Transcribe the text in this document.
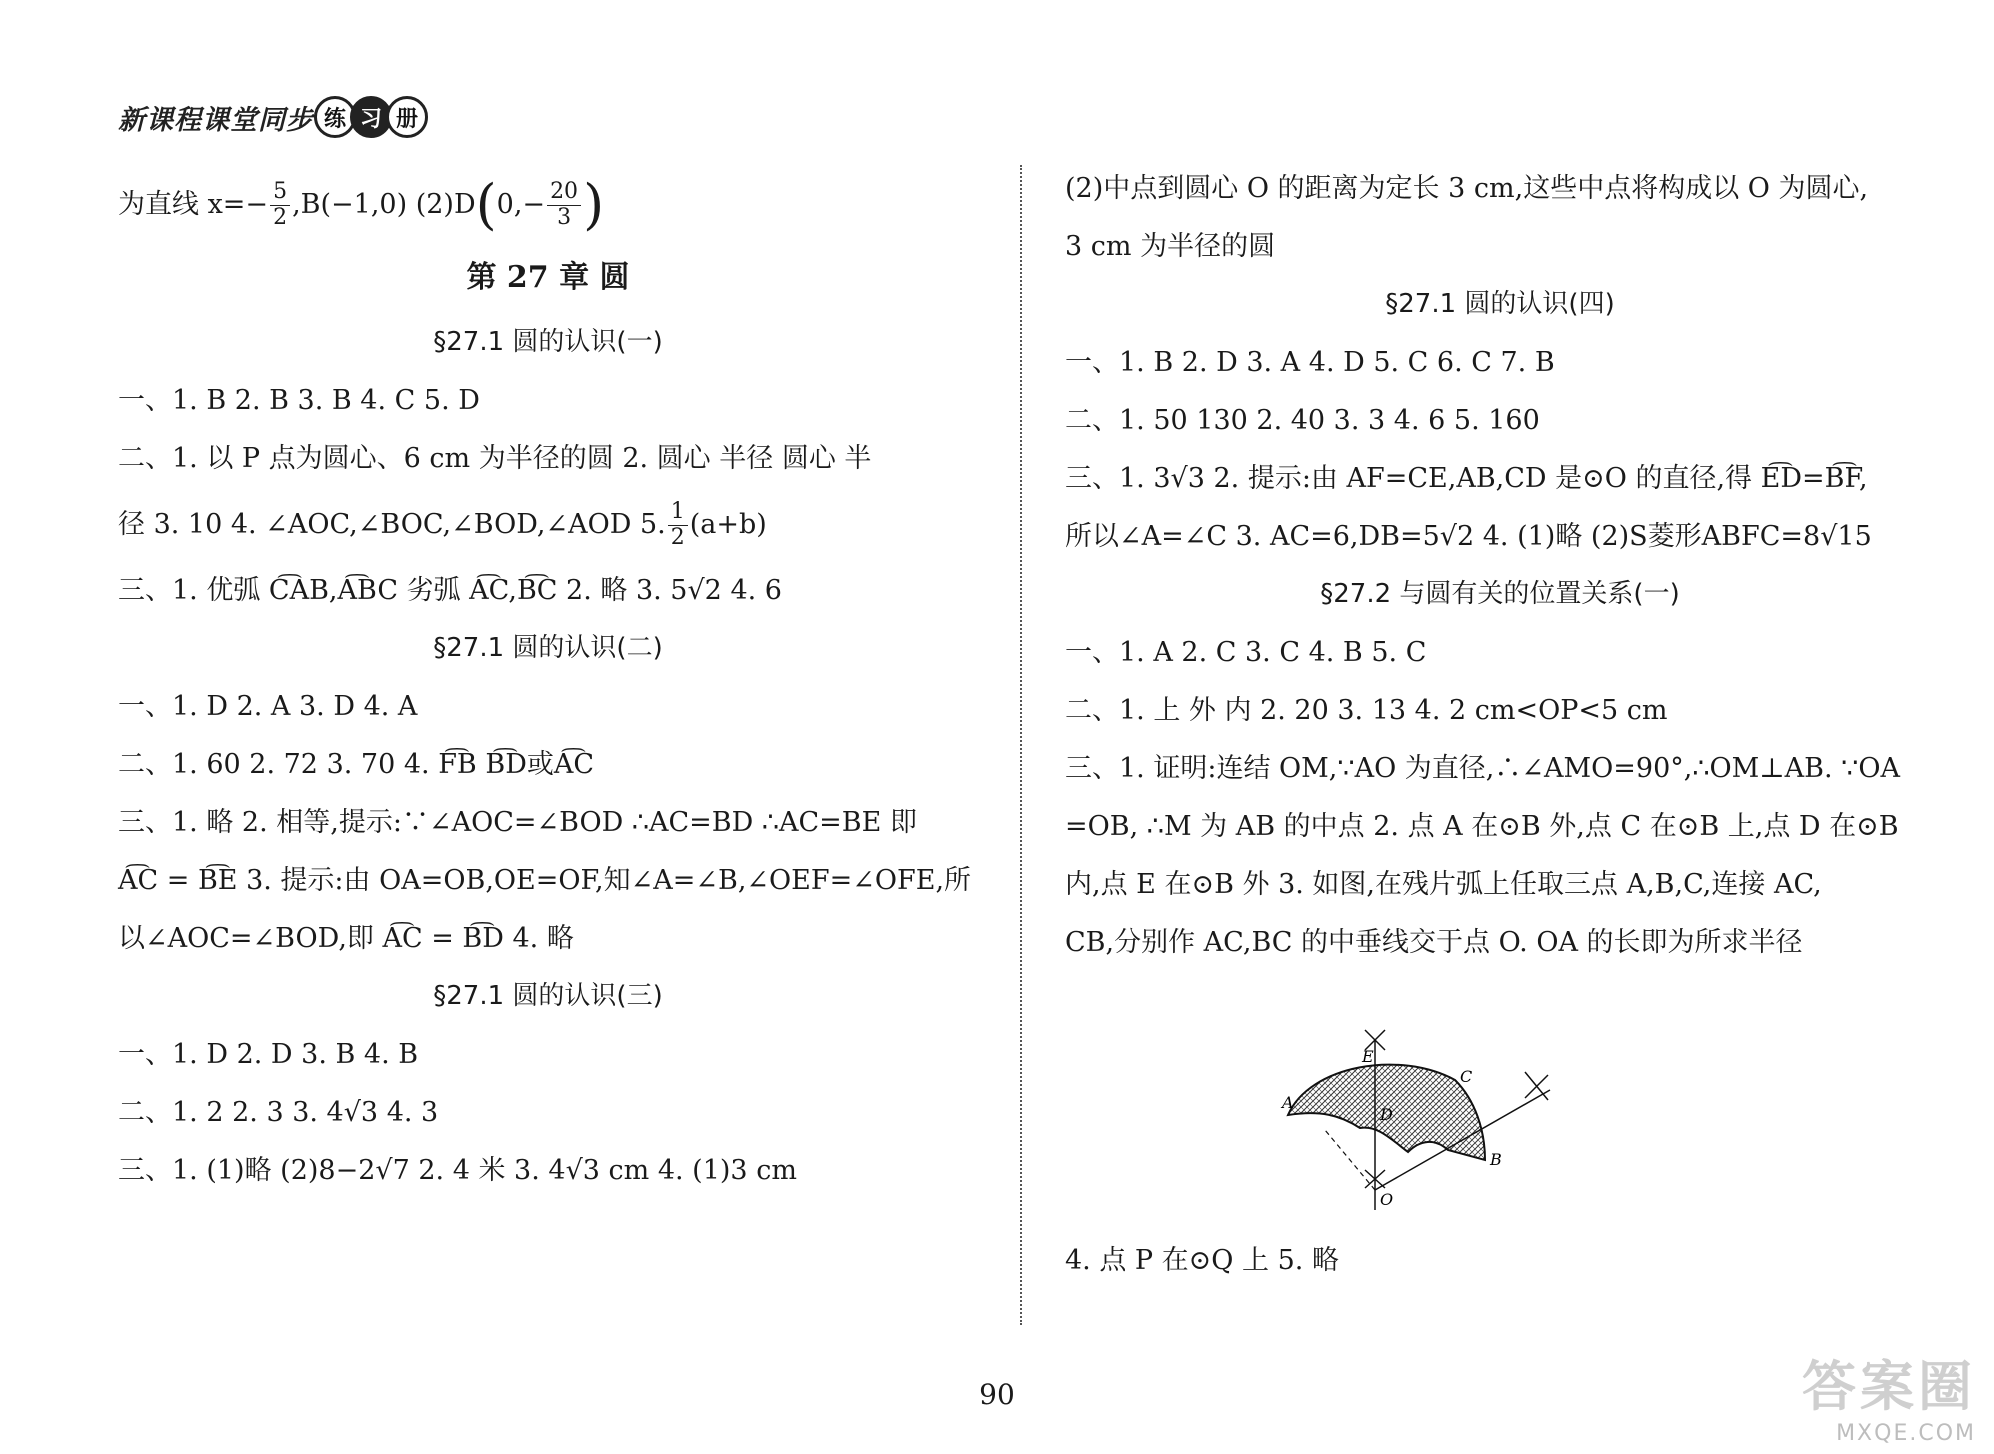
新课程课堂同步 练 习 册
为直线 $x=- \frac{5}{2} ,B(-1,0)$ (2)D ( $0,- \frac{20}{3}$ )
第 27 章 圆
§27.1 圆的认识(一)
一、1. B 2. B 3. B 4. C 5. D
二、1. 以 P 点为圆心、6 cm 为半径的圆 2. 圆心 半径 圆心 半
径 3. 10 4. ∠AOC,∠BOC,∠BOD,∠AOD 5. $\frac{1}{2} (a+b)$
三、1. 优弧 C͡AB,A͡BC 劣弧 A͡C,B͡C 2. 略 3. 5√2 4. 6
§27.1 圆的认识(二)
一、1. D 2. A 3. D 4. A
二、1. 60 2. 72 3. 70 4. F͡B B͡D或A͡C
三、1. 略 2. 相等,提示:∵∠AOC=∠BOD ∴AC=BD ∴AC=BE 即
A͡C = B͡E 3. 提示:由 OA=OB,OE=OF,知∠A=∠B,∠OEF=∠OFE,所
以∠AOC=∠BOD,即 A͡C = B͡D 4. 略
§27.1 圆的认识(三)
一、1. D 2. D 3. B 4. B
二、1. 2 2. 3 3. 4√3 4. 3
三、1. (1)略 (2)8−2√7 2. 4 米 3. 4√3 cm 4. (1)3 cm
(2)中点到圆心 O 的距离为定长 3 cm,这些中点将构成以 O 为圆心,
3 cm 为半径的圆
§27.1 圆的认识(四)
一、1. B 2. D 3. A 4. D 5. C 6. C 7. B
二、1. 50 130 2. 40 3. 3 4. 6 5. 160
三、1. 3√3 2. 提示:由 AF=CE,AB,CD 是⊙O 的直径,得 E͡D=B͡F,
所以∠A=∠C 3. AC=6,DB=5√2 4. (1)略 (2)S菱形ABFC=8√15
§27.2 与圆有关的位置关系(一)
一、1. A 2. C 3. C 4. B 5. C
二、1. 上 外 内 2. 20 3. 13 4. 2 cm<OP<5 cm
三、1. 证明:连结 OM,∵AO 为直径,∴∠AMO=90°,∴OM⊥AB. ∵OA
=OB, ∴M 为 AB 的中点 2. 点 A 在⊙B 外,点 C 在⊙B 上,点 D 在⊙B
内,点 E 在⊙B 外 3. 如图,在残片弧上任取三点 A,B,C,连接 AC,
CB,分别作 AC,BC 的中垂线交于点 O. OA 的长即为所求半径
4. 点 P 在⊙Q 上 5. 略
A
E
C
D
B
O
90	答案圈
MXQE.COM
